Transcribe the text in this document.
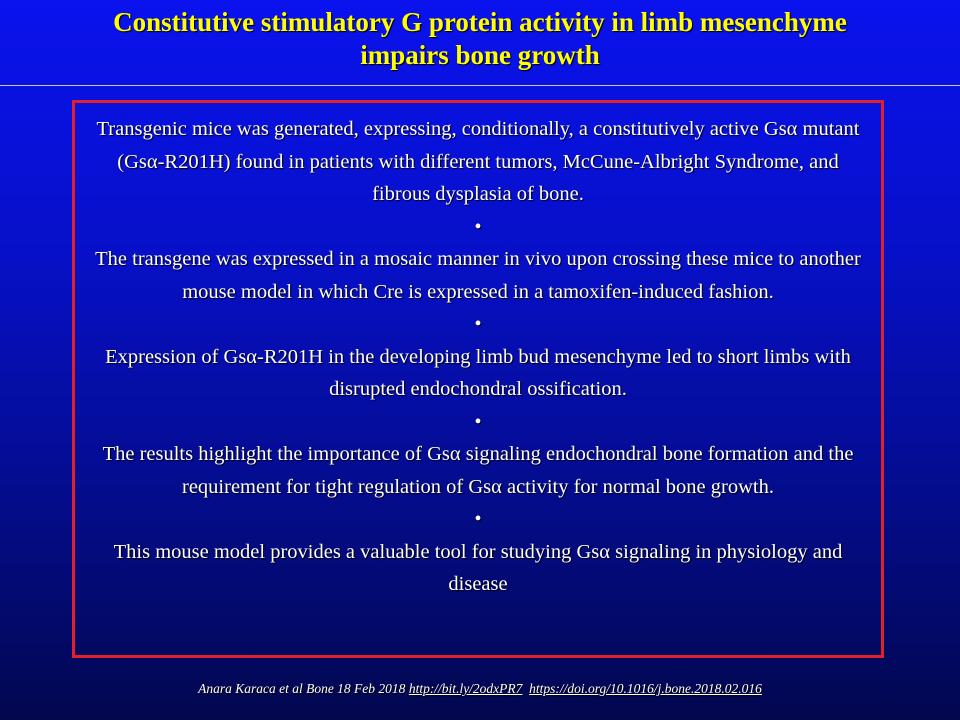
Constitutive stimulatory G protein activity in limb mesenchyme
impairs bone growth

Transgenic mice was generated, expressing, conditionally, a constitutively active Gsα mutant (Gsα-R201H) found in patients with different tumors, McCune-Albright Syndrome, and fibrous dysplasia of bone.

•

The transgene was expressed in a mosaic manner in vivo upon crossing these mice to another mouse model in which Cre is expressed in a tamoxifen-induced fashion.

•

Expression of Gsα-R201H in the developing limb bud mesenchyme led to short limbs with disrupted endochondral ossification.

•

The results highlight the importance of Gsα signaling endochondral bone formation and the requirement for tight regulation of Gsα activity for normal bone growth.

•

This mouse model provides a valuable tool for studying Gsα signaling in physiology and disease

Anara Karaca et al Bone 18 Feb 2018 http://bit.ly/2odxPR7 https://doi.org/10.1016/j.bone.2018.02.016
